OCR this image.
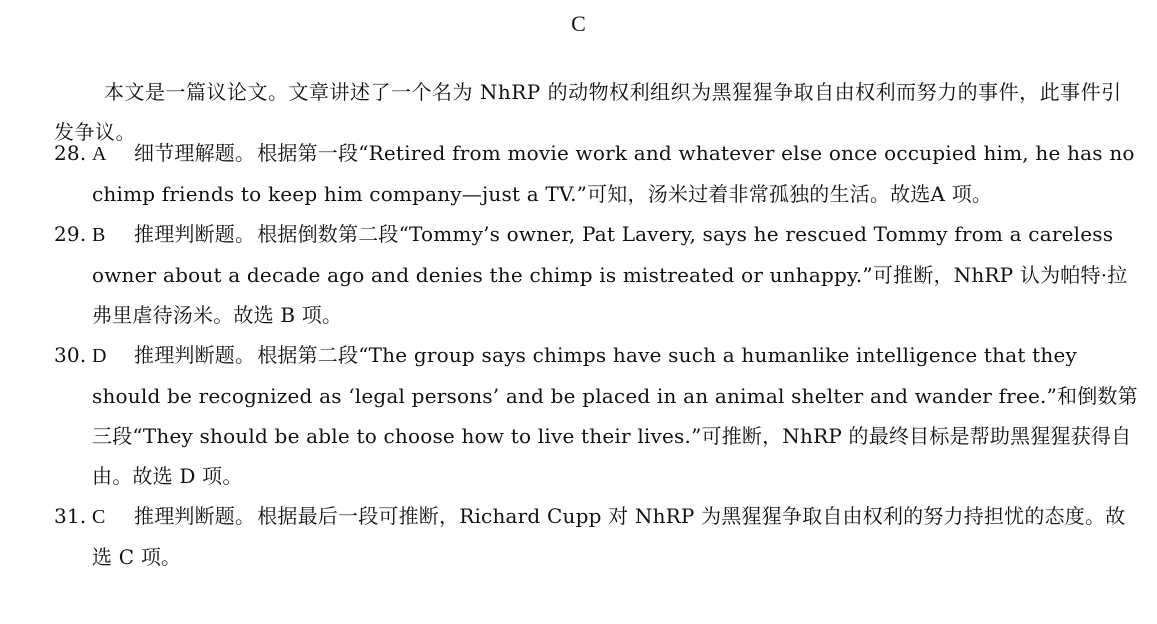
C

本文是一篇议论文。文章讲述了一个名为 NhRP 的动物权利组织为黑猩猩争取自由权利而努力的事件，此事件引发争议。

28. A 细节理解题。 根据第一段“Retired from movie work and whatever else once occupied him, he has no chimp friends to keep him company—just a TV.”可知，汤米过着非常孤独的生活。故选A 项。
29. B 推理判断题。 根据倒数第二段“Tommy’s owner, Pat Lavery, says he rescued Tommy from a careless owner about a decade ago and denies the chimp is mistreated or unhappy.”可推断，NhRP 认为帕特·拉弗里虐待汤米。故选 B 项。
30. D 推理判断题。 根据第二段“The group says chimps have such a humanlike intelligence that they should be recognized as ‘legal persons’ and be placed in an animal shelter and wander free.”和倒数第三段“They should be able to choose how to live their lives.”可推断，NhRP 的最终目标是帮助黑猩猩获得自由。故选 D 项。
31. C 推理判断题。 根据最后一段可推断，Richard Cupp 对 NhRP 为黑猩猩争取自由权利的努力持担忧的态度。故选 C 项。
